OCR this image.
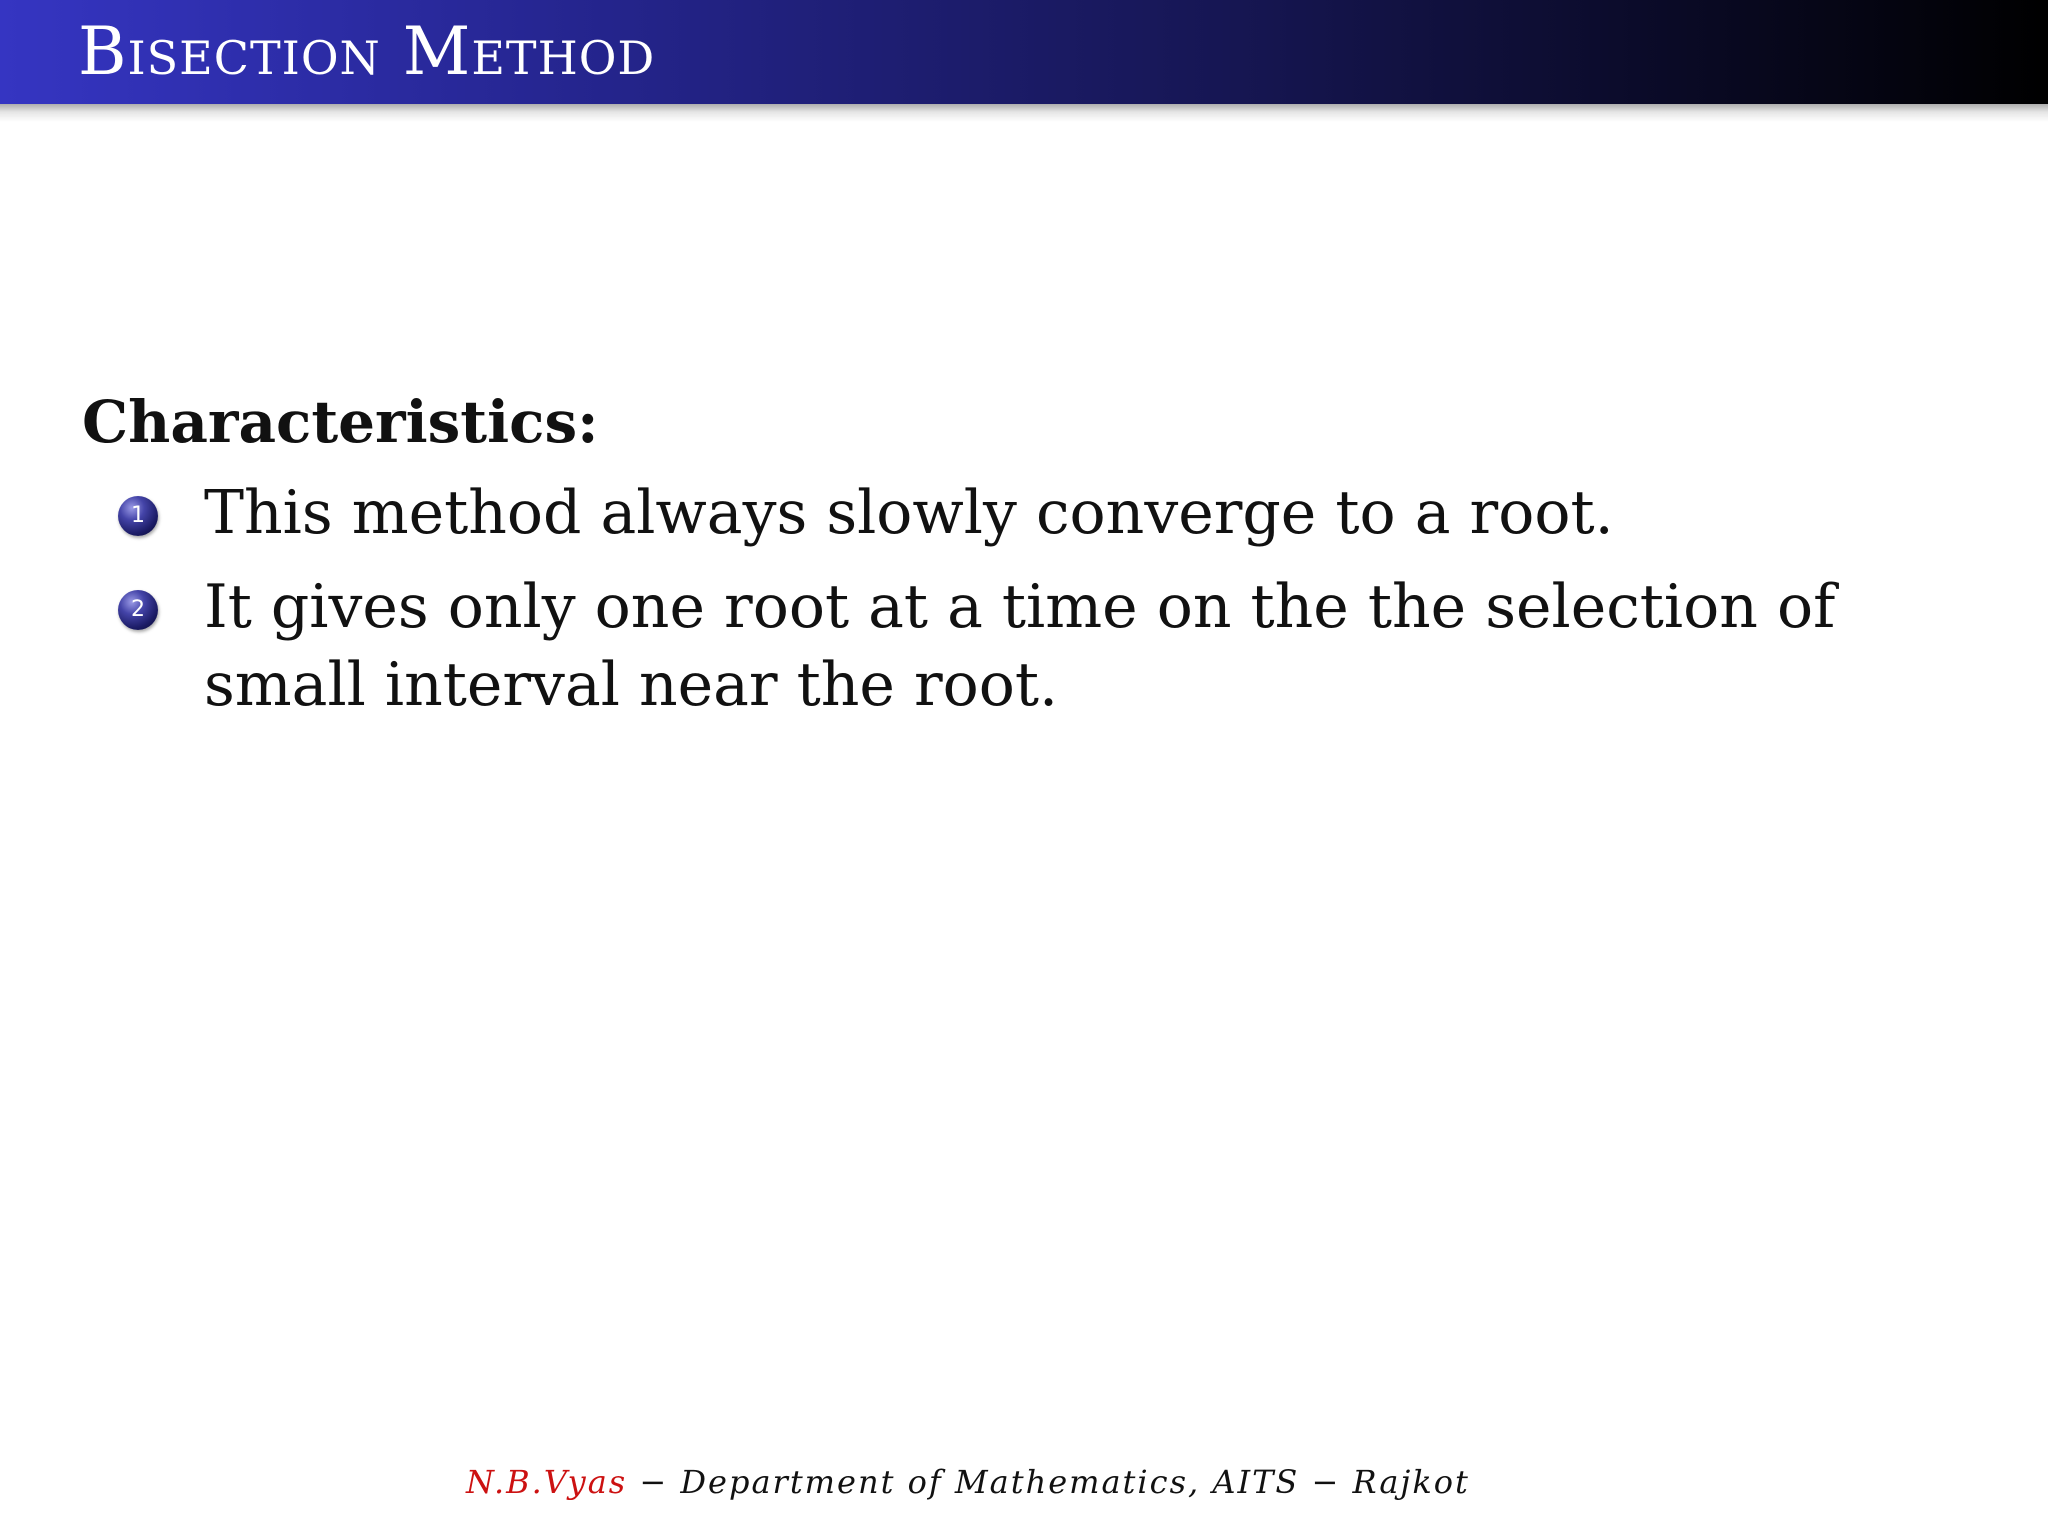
Bisection Method
Characteristics:
1 This method always slowly converge to a root.
2 It gives only one root at a time on the the selection of small interval near the root.
N.B.Vyas − Department of Mathematics, AITS − Rajkot
